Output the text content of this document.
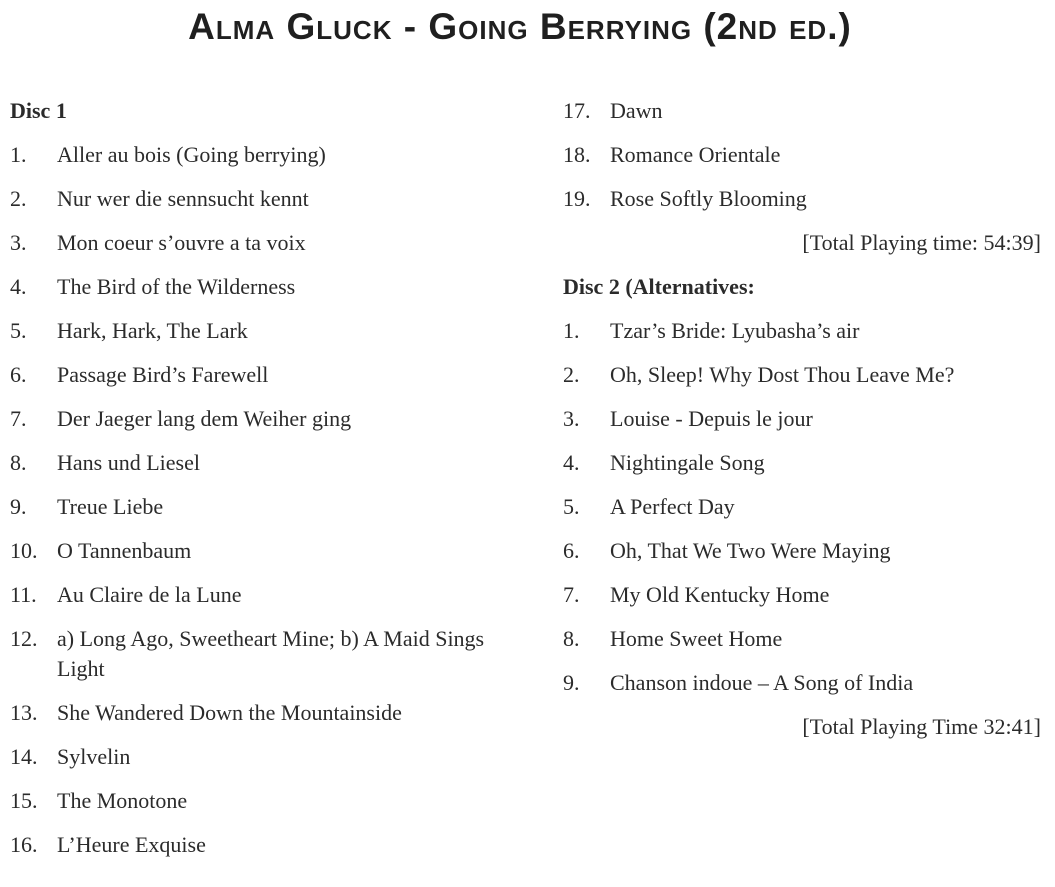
Alma Gluck - Going Berrying (2nd ed.)
Disc 1
1.	Aller au bois (Going berrying)
2.	Nur wer die sennsucht kennt
3.	Mon coeur s’ouvre a ta voix
4.	The Bird of the Wilderness
5.	Hark, Hark, The Lark
6.	Passage Bird’s Farewell
7.	Der Jaeger lang dem Weiher ging
8.	Hans und Liesel
9.	Treue Liebe
10. O Tannenbaum
11. Au Claire de la Lune
12. a) Long Ago, Sweetheart Mine; b) A Maid Sings Light
13. She Wandered Down the Mountainside
14. Sylvelin
15. The Monotone
16. L’Heure Exquise
17. Dawn
18. Romance Orientale
19. Rose Softly Blooming
[Total Playing time: 54:39]
Disc 2 (Alternatives:
1.	Tzar’s Bride: Lyubasha’s air
2.	Oh, Sleep! Why Dost Thou Leave Me?
3.	Louise - Depuis le jour
4.	Nightingale Song
5.	A Perfect Day
6.	Oh, That We Two Were Maying
7.	My Old Kentucky Home
8.	Home Sweet Home
9.	Chanson indoue – A Song of India
[Total Playing Time 32:41]
